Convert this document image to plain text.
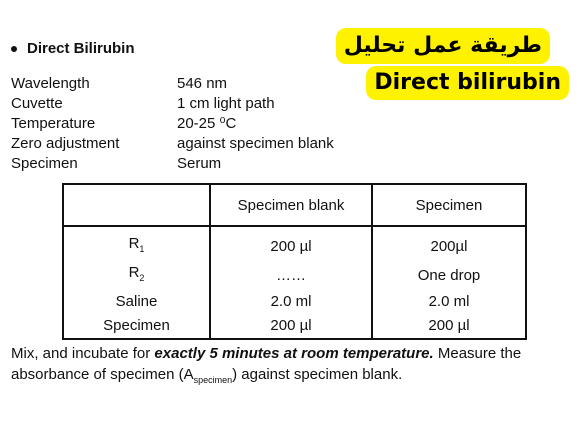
Direct Bilirubin	طريقة عمل تحليل
Direct bilirubin
Wavelength	546 nm
Cuvette	1 cm light path
Temperature	20-25 ⁰C
Zero adjustment	against specimen blank
Specimen	Serum
	Specimen blank	Specimen
$R_1$	200 µl	200µl
$R_2$	……	One drop
Saline	2.0 ml	2.0 ml
Specimen	200 µl	200 µl
Mix, and incubate for exactly 5 minutes at room temperature. Measure the absorbance of specimen $(A_{specimen})$ against specimen blank.
